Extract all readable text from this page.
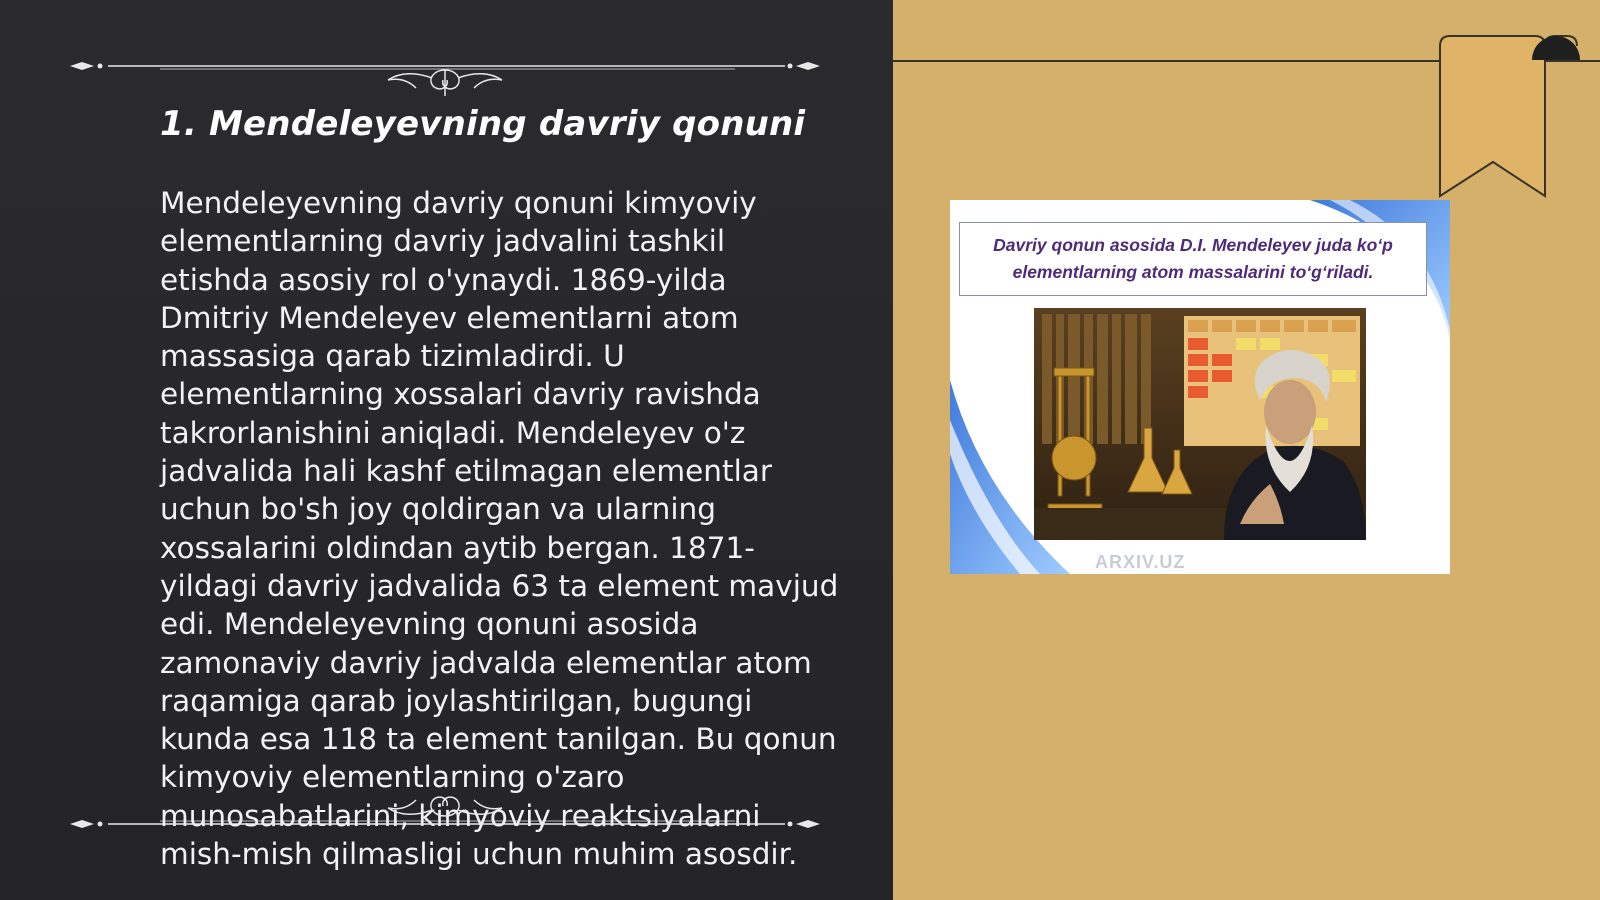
1. Mendeleyevning davriy qonuni

Mendeleyevning davriy qonuni kimyoviy elementlarning davriy jadvalini tashkil etishda asosiy rol o'ynaydi. 1869-yilda Dmitriy Mendeleyev elementlarni atom massasiga qarab tizimladirdi. U elementlarning xossalari davriy ravishda takrorlanishini aniqladi. Mendeleyev o'z jadvalida hali kashf etilmagan elementlar uchun bo'sh joy qoldirgan va ularning xossalarini oldindan aytib bergan. 1871-yildagi davriy jadvalida 63 ta element mavjud edi. Mendeleyevning qonuni asosida zamonaviy davriy jadvalda elementlar atom raqamiga qarab joylashtirilgan, bugungi kunda esa 118 ta element tanilgan. Bu qonun kimyoviy elementlarning o'zaro munosabatlarini, kimyoviy reaktsiyalarni mish-mish qilmasligi uchun muhim asosdir.

Davriy qonun asosida D.I. Mendeleyev juda ko‘p elementlarning atom massalarini to‘g‘riladi.
ARXIV.UZ
